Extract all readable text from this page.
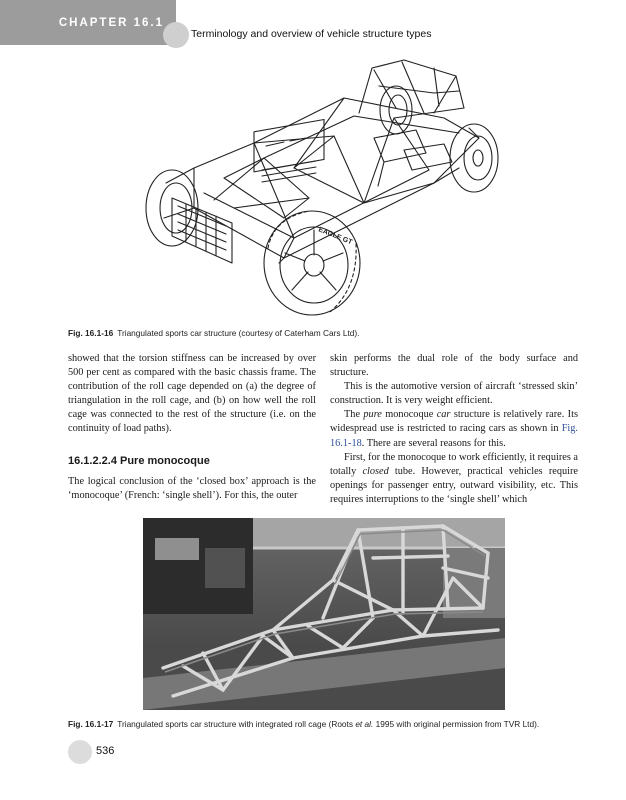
CHAPTER 16.1
Terminology and overview of vehicle structure types
EAGLE GT
Fig. 16.1-16 Triangulated sports car structure (courtesy of Caterham Cars Ltd).

showed that the torsion stiffness can be increased by over 500 per cent as compared with the basic chassis frame. The contribution of the roll cage depended on (a) the degree of triangulation in the roll cage, and (b) on how well the roll cage was connected to the rest of the structure (i.e. on the continuity of load paths).

16.1.2.2.4 Pure monocoque

The logical conclusion of the ‘closed box’ approach is the ‘monocoque’ (French: ‘single shell’). For this, the outer

skin performs the dual role of the body surface and structure.

This is the automotive version of aircraft ‘stressed skin’ construction. It is very weight efficient.

The pure monocoque car structure is relatively rare. Its widespread use is restricted to racing cars as shown in Fig. 16.1-18. There are several reasons for this.

First, for the monocoque to work efficiently, it requires a totally closed tube. However, practical vehicles require openings for passenger entry, outward visibility, etc. This requires interruptions to the ‘single shell’ which

Fig. 16.1-17 Triangulated sports car structure with integrated roll cage (Roots et al. 1995 with original permission from TVR Ltd).
536
